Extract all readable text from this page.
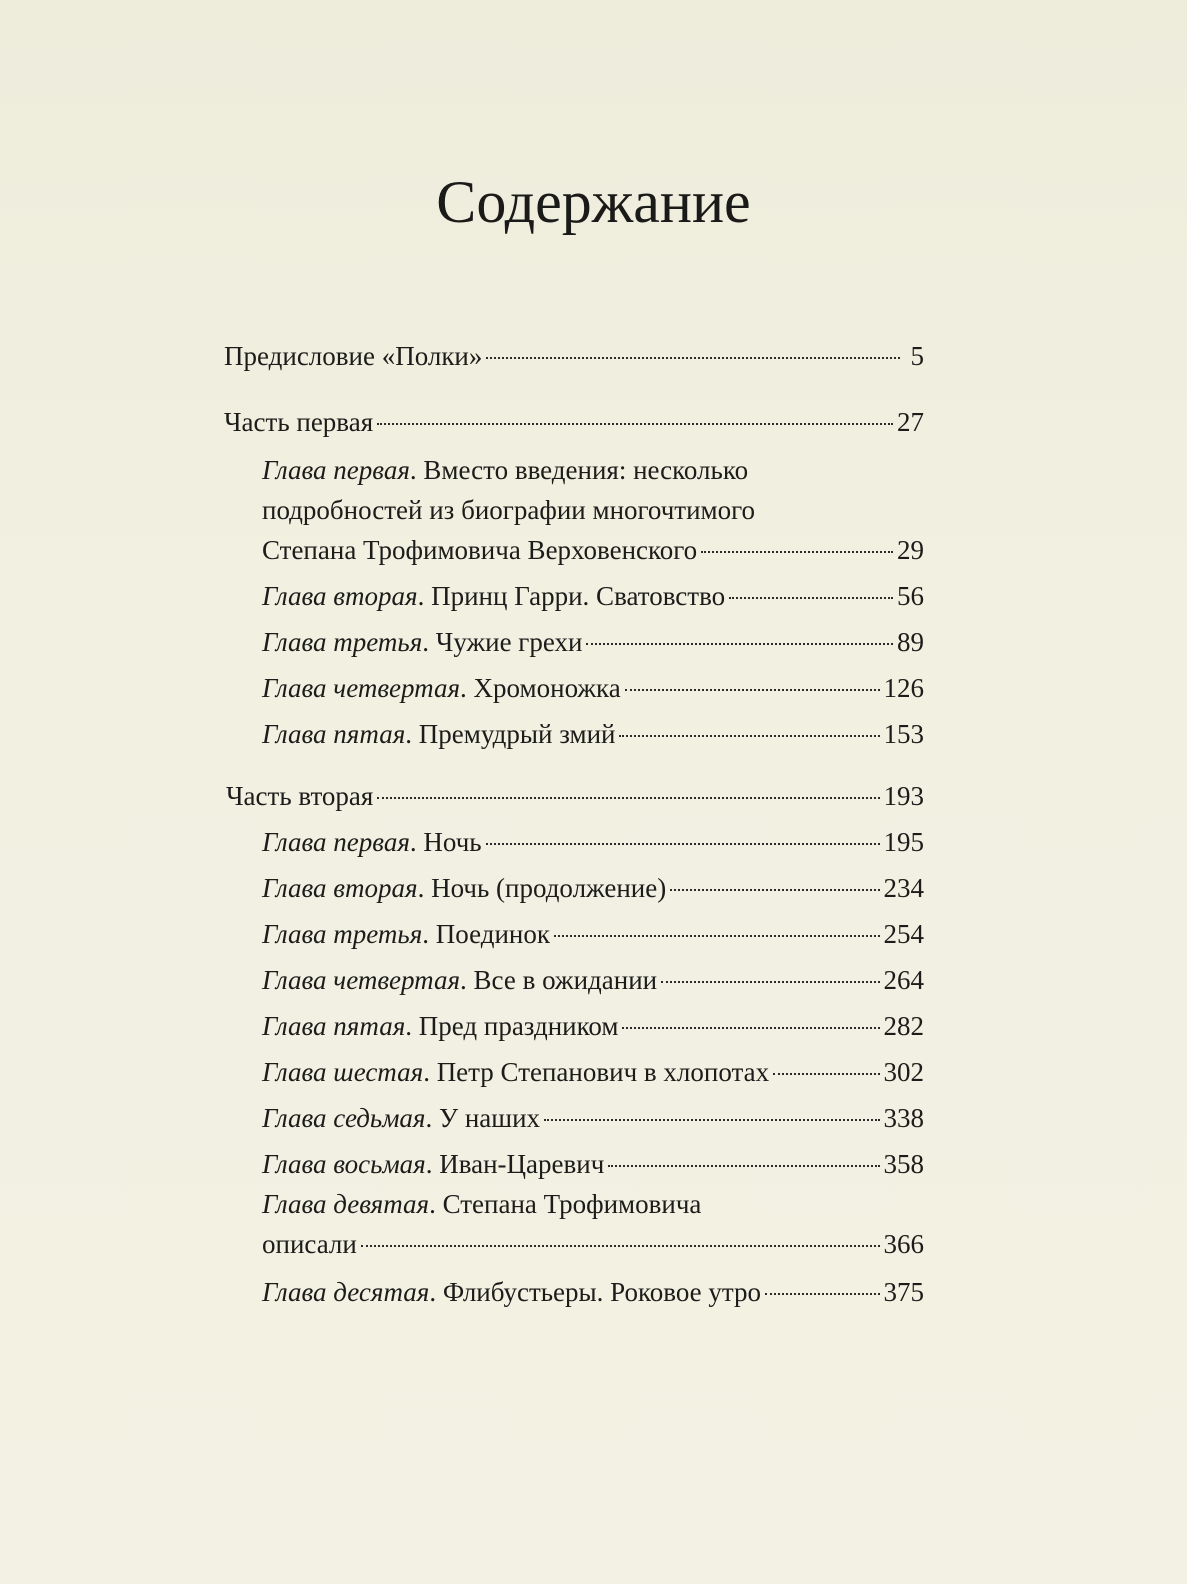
Содержание
Предисловие «Полки»	5
Часть первая	27
Глава первая. Вместо введения: несколько
подробностей из биографии многочтимого
Степана Трофимовича Верховенского	29
Глава вторая. Принц Гарри. Сватовство	56
Глава третья. Чужие грехи	89
Глава четвертая. Хромоножка	126
Глава пятая. Премудрый змий	153
Часть вторая	193
Глава первая. Ночь	195
Глава вторая. Ночь (продолжение)	234
Глава третья. Поединок	254
Глава четвертая. Все в ожидании	264
Глава пятая. Пред праздником	282
Глава шестая. Петр Степанович в хлопотах	302
Глава седьмая. У наших	338
Глава восьмая. Иван-Царевич	358
Глава девятая. Степана Трофимовича
описали	366
Глава десятая. Флибустьеры. Роковое утро	375
